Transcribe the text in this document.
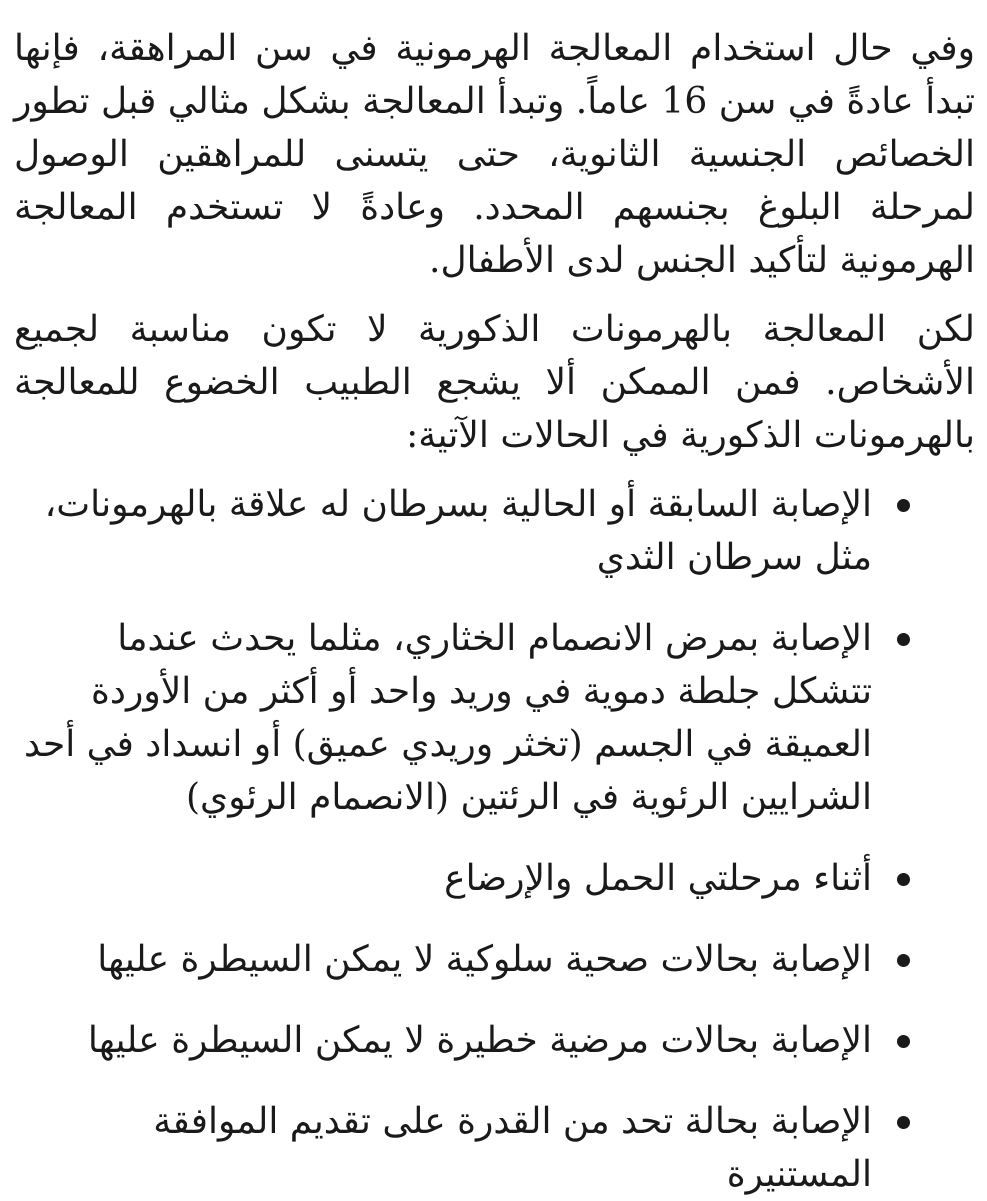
وفي حال استخدام المعالجة الهرمونية في سن المراهقة، فإنها تبدأ عادةً في سن 16 عاماً. وتبدأ المعالجة بشكل مثالي قبل تطور الخصائص الجنسية الثانوية، حتى يتسنى للمراهقين الوصول لمرحلة البلوغ بجنسهم المحدد. وعادةً لا تستخدم المعالجة الهرمونية لتأكيد الجنس لدى الأطفال.

لكن المعالجة بالهرمونات الذكورية لا تكون مناسبة لجميع الأشخاص. فمن الممكن ألا يشجع الطبيب الخضوع للمعالجة بالهرمونات الذكورية في الحالات الآتية:

الإصابة السابقة أو الحالية بسرطان له علاقة بالهرمونات، مثل سرطان الثدي
الإصابة بمرض الانصمام الخثاري، مثلما يحدث عندما تتشكل جلطة دموية في وريد واحد أو أكثر من الأوردة العميقة في الجسم (تخثر وريدي عميق) أو انسداد في أحد الشرايين الرئوية في الرئتين (الانصمام الرئوي)
أثناء مرحلتي الحمل والإرضاع
الإصابة بحالات صحية سلوكية لا يمكن السيطرة عليها
الإصابة بحالات مرضية خطيرة لا يمكن السيطرة عليها
الإصابة بحالة تحد من القدرة على تقديم الموافقة المستنيرة
